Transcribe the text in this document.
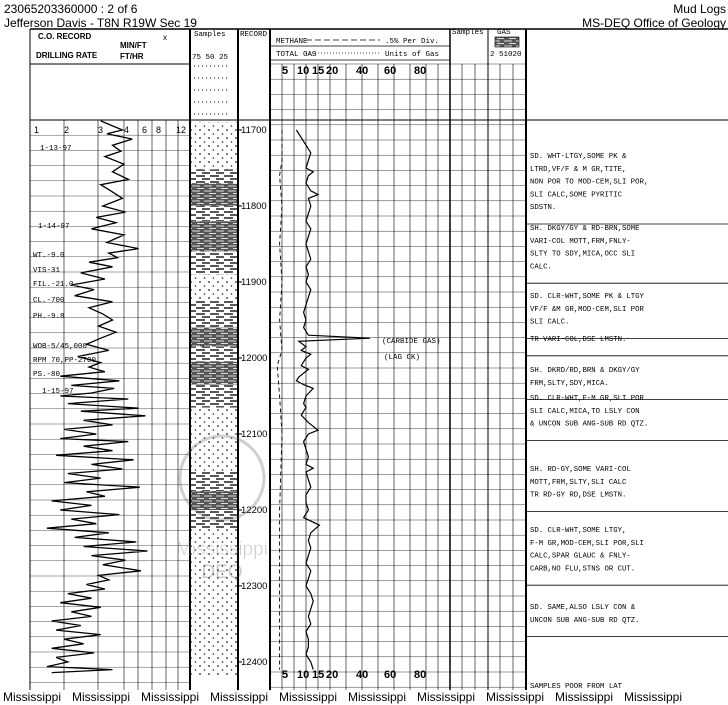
23065203360000 : 2 of 6
Jefferson Davis - T8N R19W Sec 19
Mud Logs
MS-DEQ Office of Geology
C.O. RECORD	x
MIN/FT
DRILLING RATE	FT/HR
Samples
75 50 25
RECORD
METHANE	.5% Per Div.
TOTAL GAS	Units of Gas
Samples GAS
2 51020
1	2	3 4 6 8 12
5 10 15 20 40 60 80
5 10 15 20 40 60 80
11700
11800
11900
12000
12100
12200
12300
12400
1-13-97
1-14-97
WT.-9.0
VIS-31
FIL.-21.0
CL.-700
PH.-9.8
WOB-5/45,000
RPM 70,PP-2700
PS.-80
1-15-97
(CARBIDE GAS)
(LAG CK)
SD. WHT-LTGY,SOME PK &
LTRD,VF/F & M GR,TITE,
NON POR TO MOD-CEM,SLI POR,
SLI CALC,SOME PYRITIC
SDSTN.
SH. DKGY/GY & RD-BRN,SOME
VARI-COL MOTT,FRM,FNLY-
SLTY TO SDY,MICA,OCC SLI
CALC.
SD. CLR-WHT,SOME PK & LTGY
VF/F &M GR,MOD-CEM,SLI POR
SLI CALC.
TR VARI-COL,DSE LMSTN.
SH. DKRD/RD,BRN & DKGY/GY
FRM,SLTY,SDY,MICA.
SD. CLR-WHT,F-M GR,SLI POR
SLI CALC,MICA,TO LSLY CON
& UNCON SUB ANG-SUB RD QTZ.
SH. RD-GY,SOME VARI-COL
MOTT,FRM,SLTY,SLI CALC
TR RD-GY RD,DSE LMSTN.
SD. CLR-WHT,SOME LTGY,
F-M GR,MOD-CEM,SLI POR,SLI
CALC,SPAR GLAUC & FNLY-
CARB,NO FLU,STNS OR CUT.
SD. SAME,ALSO LSLY CON &
UNCON SUB ANG-SUB RD QTZ.
SAMPLES POOR FROM LAT
Mississippi
DEQ
Mississippi Mississippi Mississippi Mississippi Mississippi Mississippi Mississippi Mississippi Mississippi Mississippi
